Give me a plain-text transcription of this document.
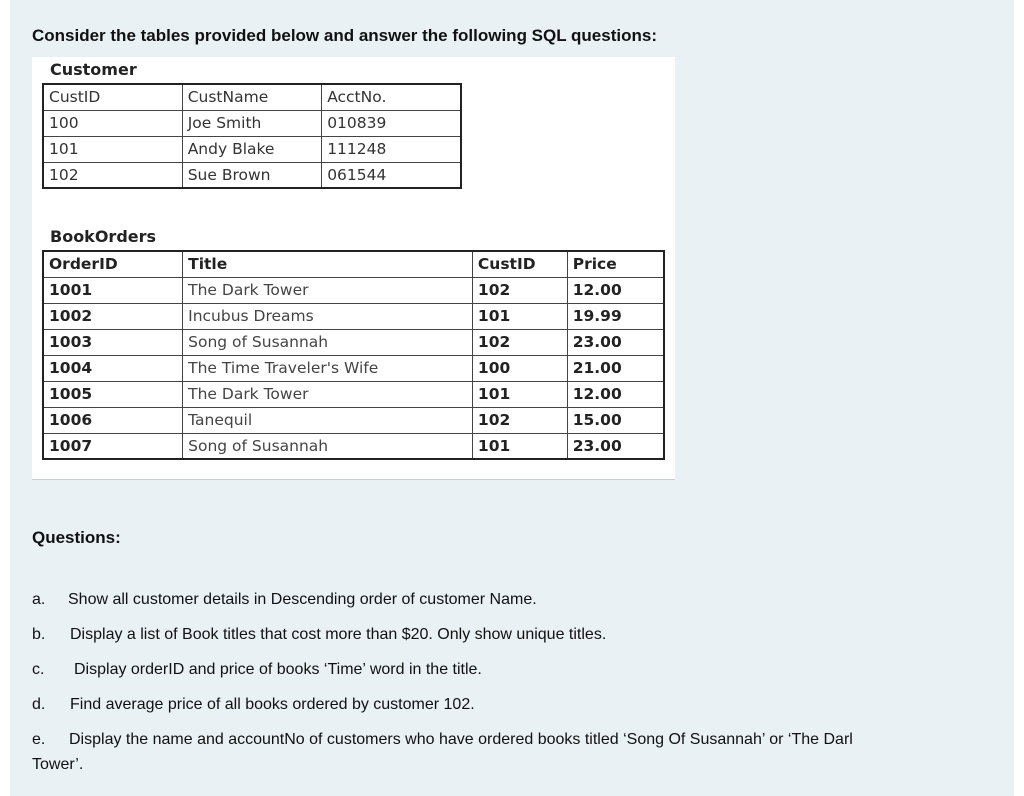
Consider the tables provided below and answer the following SQL questions:
Customer
CustID	CustName	AcctNo.
100	Joe Smith	010839
101	Andy Blake	111248
102	Sue Brown	061544
BookOrders
OrderID	Title	CustID	Price
1001	The Dark Tower	102	12.00
1002	Incubus Dreams	101	19.99
1003	Song of Susannah	102	23.00
1004	The Time Traveler's Wife	100	21.00
1005	The Dark Tower	101	12.00
1006	Tanequil	102	15.00
1007	Song of Susannah	101	23.00
Questions:
a. Show all customer details in Descending order of customer Name.
b. Display a list of Book titles that cost more than $20. Only show unique titles.
c. Display orderID and price of books ‘Time’ word in the title.
d. Find average price of all books ordered by customer 102.
e. Display the name and accountNo of customers who have ordered books titled ‘Song Of Susannah’ or ‘The Darl
Tower’.
